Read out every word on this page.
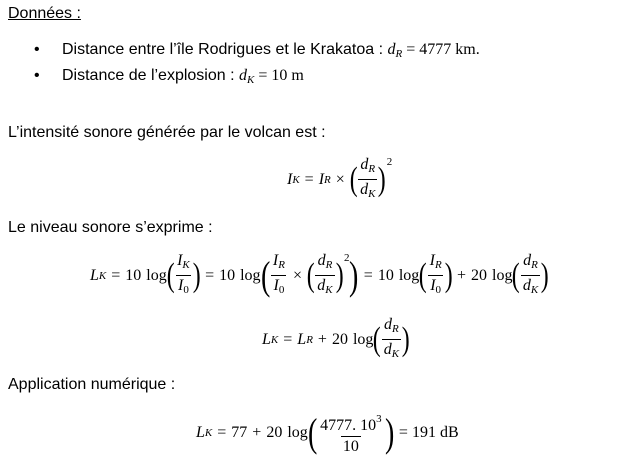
Données :
• Distance entre l’île Rodrigues et le Krakatoa : $d_R = 4777$ km.
• Distance de l’explosion : $d_K = 10$ m
L’intensité sonore générée par le volcan est :
I K = I R × ( $\frac{d_R}{d_K}$ ) 2
Le niveau sonore s’exprime :
L K = 10 log ( $\frac{I_K}{I_0}$ ) = 10 log ( $\frac{I_R}{I_0}$ × ( $\frac{d_R}{d_K}$ ) 2 ) = 10 log ( $\frac{I_R}{I_0}$ ) + 20 log ( $\frac{d_R}{d_K}$ )
L K = L R + 20 log ( $\frac{d_R}{d_K}$ )
Application numérique :
L K = 77 + 20 log ( $\frac{4777. 10^3}{10}$ ) = 191 dB
